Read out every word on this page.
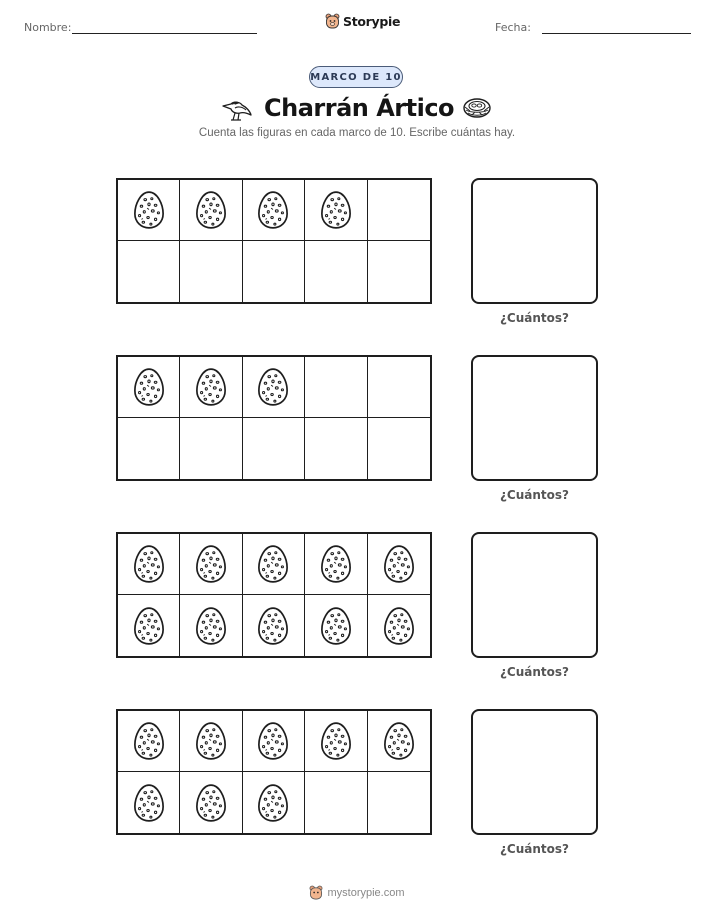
Nombre:	Storypie	Fecha:
MARCO DE 10
Charrán Ártico
Cuenta las figuras en cada marco de 10. Escribe cuántas hay.
¿Cuántos?
¿Cuántos?
¿Cuántos?
¿Cuántos?
mystorypie.com
